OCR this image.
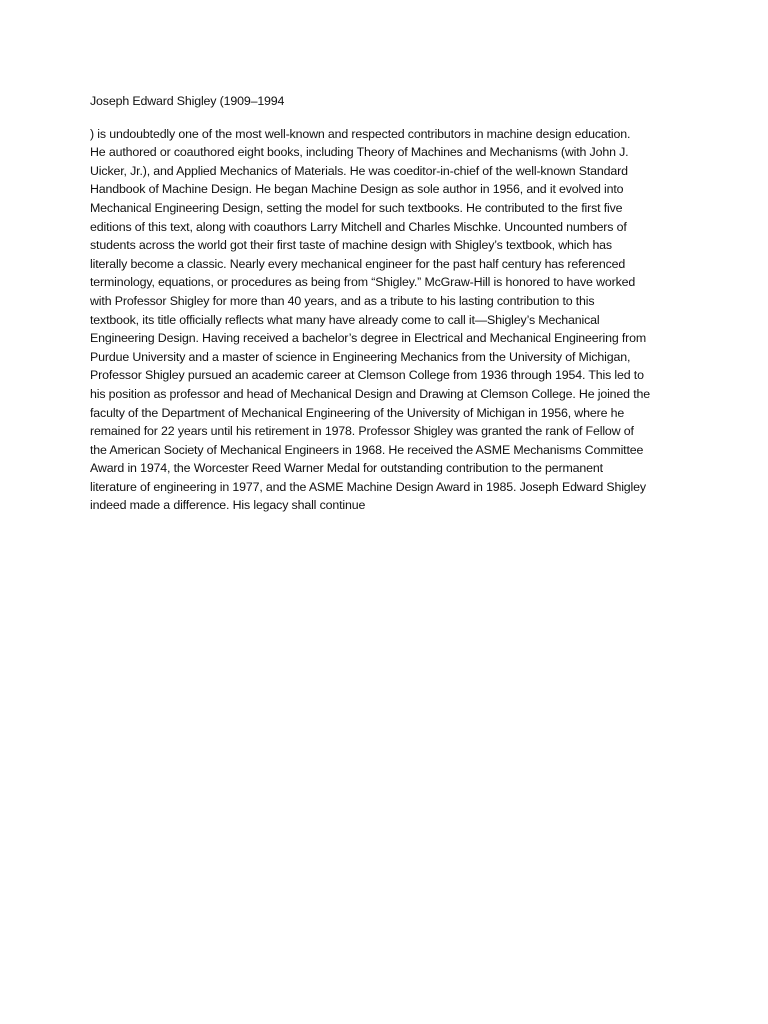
Joseph Edward Shigley (1909–1994

) is undoubtedly one of the most well-known and respected contributors in machine design education.
He authored or coauthored eight books, including Theory of Machines and Mechanisms (with John J.
Uicker, Jr.), and Applied Mechanics of Materials. He was coeditor-in-chief of the well-known Standard
Handbook of Machine Design. He began Machine Design as sole author in 1956, and it evolved into
Mechanical Engineering Design, setting the model for such textbooks. He contributed to the first five
editions of this text, along with coauthors Larry Mitchell and Charles Mischke. Uncounted numbers of
students across the world got their first taste of machine design with Shigley’s textbook, which has
literally become a classic. Nearly every mechanical engineer for the past half century has referenced
terminology, equations, or procedures as being from “Shigley.” McGraw-Hill is honored to have worked
with Professor Shigley for more than 40 years, and as a tribute to his lasting contribution to this
textbook, its title officially reflects what many have already come to call it—Shigley’s Mechanical
Engineering Design. Having received a bachelor’s degree in Electrical and Mechanical Engineering from
Purdue University and a master of science in Engineering Mechanics from the University of Michigan,
Professor Shigley pursued an academic career at Clemson College from 1936 through 1954. This led to
his position as professor and head of Mechanical Design and Drawing at Clemson College. He joined the
faculty of the Department of Mechanical Engineering of the University of Michigan in 1956, where he
remained for 22 years until his retirement in 1978. Professor Shigley was granted the rank of Fellow of
the American Society of Mechanical Engineers in 1968. He received the ASME Mechanisms Committee
Award in 1974, the Worcester Reed Warner Medal for outstanding contribution to the permanent
literature of engineering in 1977, and the ASME Machine Design Award in 1985. Joseph Edward Shigley
indeed made a difference. His legacy shall continue
